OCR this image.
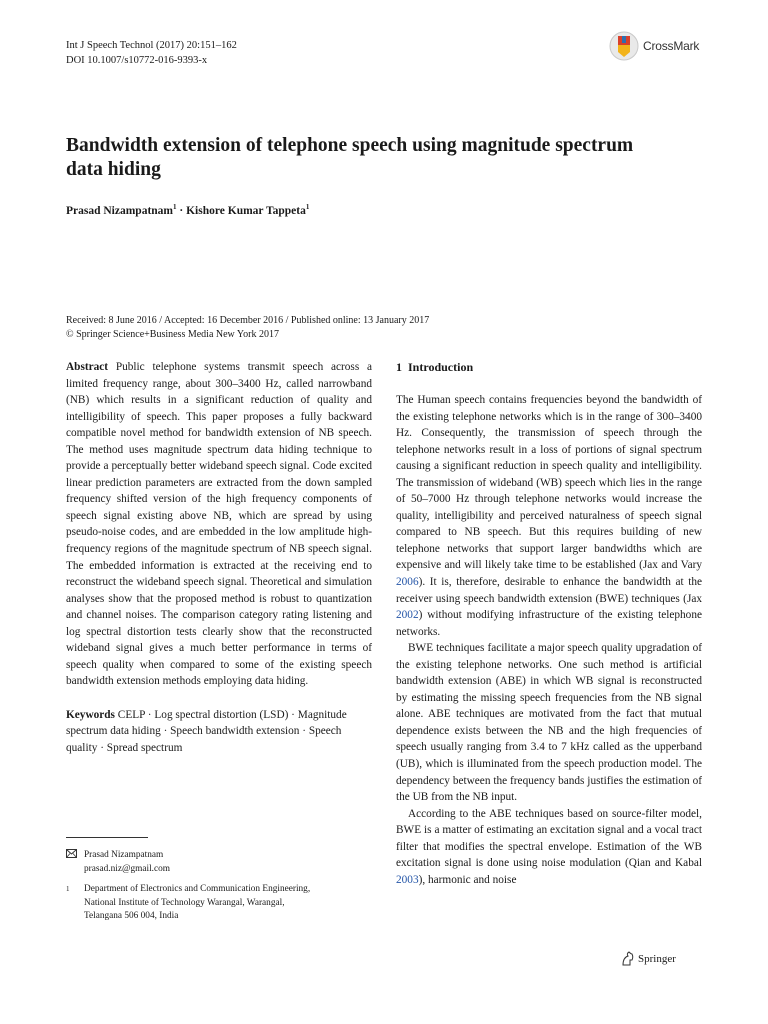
Int J Speech Technol (2017) 20:151–162
DOI 10.1007/s10772-016-9393-x
CrossMark
Bandwidth extension of telephone speech using magnitude spectrum data hiding
Prasad Nizampatnam$^1$ · Kishore Kumar Tappeta$^1$
Received: 8 June 2016 / Accepted: 16 December 2016 / Published online: 13 January 2017
© Springer Science+Business Media New York 2017

Abstract Public telephone systems transmit speech across a limited frequency range, about 300–3400 Hz, called narrowband (NB) which results in a significant reduction of quality and intelligibility of speech. This paper proposes a fully backward compatible novel method for bandwidth extension of NB speech. The method uses magnitude spectrum data hiding technique to provide a perceptually better wideband speech signal. Code excited linear prediction parameters are extracted from the down sampled frequency shifted version of the high frequency components of speech signal existing above NB, which are spread by using pseudo-noise codes, and are embedded in the low amplitude high-frequency regions of the magnitude spectrum of NB speech signal. The embedded information is extracted at the receiving end to reconstruct the wideband speech signal. Theoretical and simulation analyses show that the proposed method is robust to quantization and channel noises. The comparison category rating listening and log spectral distortion tests clearly show that the reconstructed wideband signal gives a much better performance in terms of speech quality when compared to some of the existing speech bandwidth extension methods employing data hiding.

Keywords CELP · Log spectral distortion (LSD) · Magnitude spectrum data hiding · Speech bandwidth extension · Speech quality · Spread spectrum

1 Introduction

The Human speech contains frequencies beyond the bandwidth of the existing telephone networks which is in the range of 300–3400 Hz. Consequently, the transmission of speech through the telephone networks result in a loss of portions of signal spectrum causing a significant reduction in speech quality and intelligibility. The transmission of wideband (WB) speech which lies in the range of 50–7000 Hz through telephone networks would increase the quality, intelligibility and perceived naturalness of speech signal compared to NB speech. But this requires building of new telephone networks that support larger bandwidths which are expensive and will likely take time to be established (Jax and Vary 2006). It is, therefore, desirable to enhance the bandwidth at the receiver using speech bandwidth extension (BWE) techniques (Jax 2002) without modifying infrastructure of the existing telephone networks.

BWE techniques facilitate a major speech quality upgradation of the existing telephone networks. One such method is artificial bandwidth extension (ABE) in which WB signal is reconstructed by estimating the missing speech frequencies from the NB signal alone. ABE techniques are motivated from the fact that mutual dependence exists between the NB and the high frequencies of speech usually ranging from 3.4 to 7 kHz called as the upperband (UB), which is illuminated from the speech production model. The dependency between the frequency bands justifies the estimation of the UB from the NB input.

According to the ABE techniques based on source-filter model, BWE is a matter of estimating an excitation signal and a vocal tract filter that modifies the spectral envelope. Estimation of the WB excitation signal is done using noise modulation (Qian and Kabal 2003), harmonic and noise

Prasad Nizampatnam
prasad.niz@gmail.com
1	Department of Electronics and Communication Engineering,
National Institute of Technology Warangal, Warangal,
Telangana 506 004, India
Springer
